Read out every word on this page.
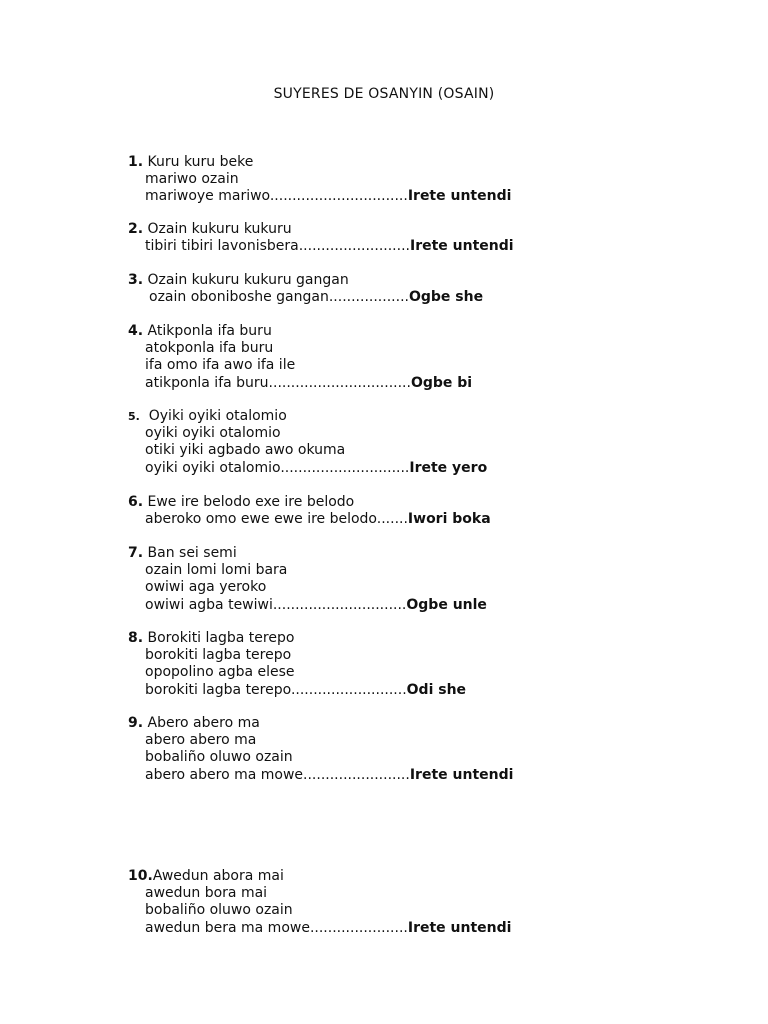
SUYERES DE OSANYIN (OSAIN)
1. Kuru kuru beke
mariwo ozain
mariwoye mariwo...............................Irete untendi
2. Ozain kukuru kukuru
tibiri tibiri lavonisbera.........................Irete untendi
3. Ozain kukuru kukuru gangan
ozain oboniboshe gangan..................Ogbe she
4. Atikponla ifa buru
atokponla ifa buru
ifa omo ifa awo ifa ile
atikponla ifa buru................................Ogbe bi
5. Oyiki oyiki otalomio
oyiki oyiki otalomio
otiki yiki agbado awo okuma
oyiki oyiki otalomio.............................Irete yero
6. Ewe ire belodo exe ire belodo
aberoko omo ewe ewe ire belodo.......Iwori boka
7. Ban sei semi
ozain lomi lomi bara
owiwi aga yeroko
owiwi agba tewiwi..............................Ogbe unle
8. Borokiti lagba terepo
borokiti lagba terepo
opopolino agba elese
borokiti lagba terepo..........................Odi she
9. Abero abero ma
abero abero ma
bobaliño oluwo ozain
abero abero ma mowe........................Irete untendi
10.Awedun abora mai
awedun bora mai
bobaliño oluwo ozain
awedun bera ma mowe......................Irete untendi
